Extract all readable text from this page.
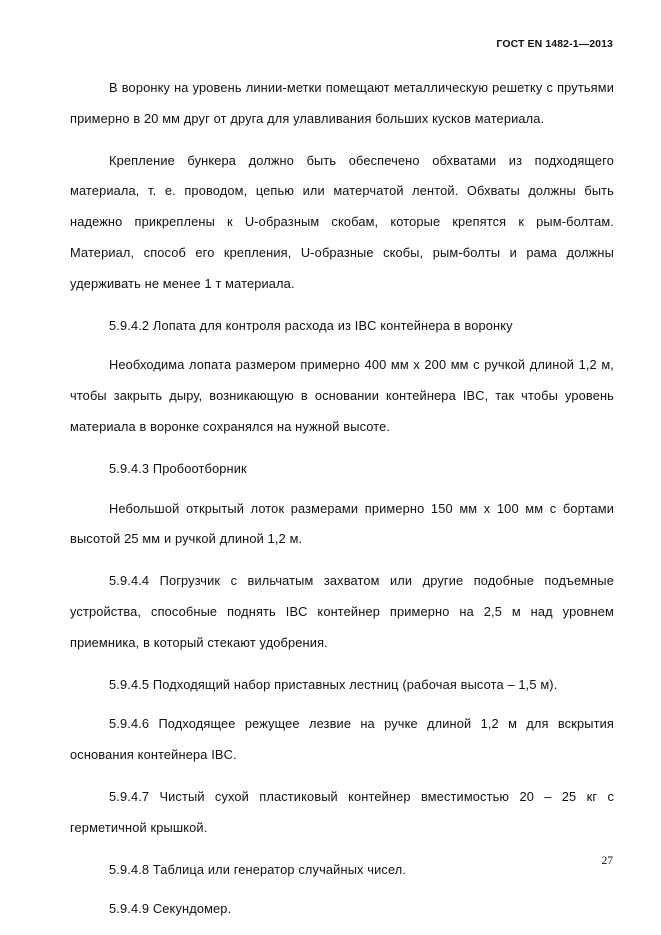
ГОСТ EN 1482-1—2013

В воронку на уровень линии-метки помещают металлическую решетку с прутьями примерно в 20 мм друг от друга для улавливания больших кусков материала.

Крепление бункера должно быть обеспечено обхватами из подходящего материала, т. е. проводом, цепью или матерчатой лентой. Обхваты должны быть надежно прикреплены к U-образным скобам, которые крепятся к рым-болтам. Материал, способ его крепления, U-образные скобы, рым-болты и рама должны удерживать не менее 1 т материала.

5.9.4.2 Лопата для контроля расхода из IBC контейнера в воронку

Необходима лопата размером примерно 400 мм х 200 мм с ручкой длиной 1,2 м, чтобы закрыть дыру, возникающую в основании контейнера IBC, так чтобы уровень материала в воронке сохранялся на нужной высоте.

5.9.4.3 Пробоотборник

Небольшой открытый лоток размерами примерно 150 мм х 100 мм с бортами высотой 25 мм и ручкой длиной 1,2 м.

5.9.4.4 Погрузчик с вильчатым захватом или другие подобные подъемные устройства, способные поднять IBC контейнер примерно на 2,5 м над уровнем приемника, в который стекают удобрения.

5.9.4.5 Подходящий набор приставных лестниц (рабочая высота – 1,5 м).

5.9.4.6 Подходящее режущее лезвие на ручке длиной 1,2 м для вскрытия основания контейнера IBC.

5.9.4.7 Чистый сухой пластиковый контейнер вместимостью 20 – 25 кг с герметичной крышкой.

5.9.4.8 Таблица или генератор случайных чисел.

5.9.4.9 Секундомер.

27
